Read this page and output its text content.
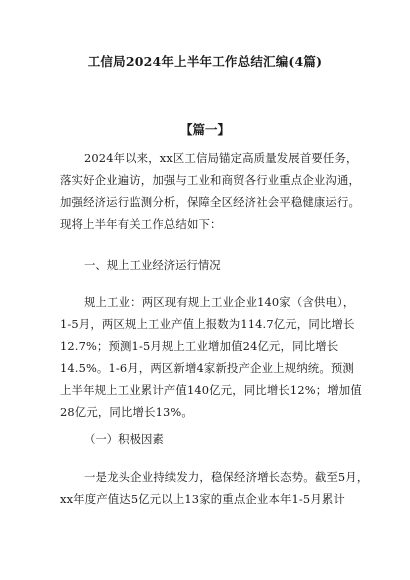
工信局2024年上半年工作总结汇编(4篇)
【篇一】
2024年以来，xx区工信局锚定高质量发展首要任务，
落实好企业遍访，加强与工业和商贸各行业重点企业沟通，
加强经济运行监测分析，保障全区经济社会平稳健康运行。
现将上半年有关工作总结如下：
一、规上工业经济运行情况
规上工业：两区现有规上工业企业140家（含供电），
1-5月，两区规上工业产值上报数为114.7亿元，同比增长
12.7%；预测1-5月规上工业增加值24亿元，同比增长
14.5%。1-6月，两区新增4家新投产企业上规纳统。预测
上半年规上工业累计产值140亿元，同比增长12%；增加值
28亿元，同比增长13%。
（一）积极因素
一是龙头企业持续发力，稳保经济增长态势。截至5月，
xx年度产值达5亿元以上13家的重点企业本年1-5月累计
